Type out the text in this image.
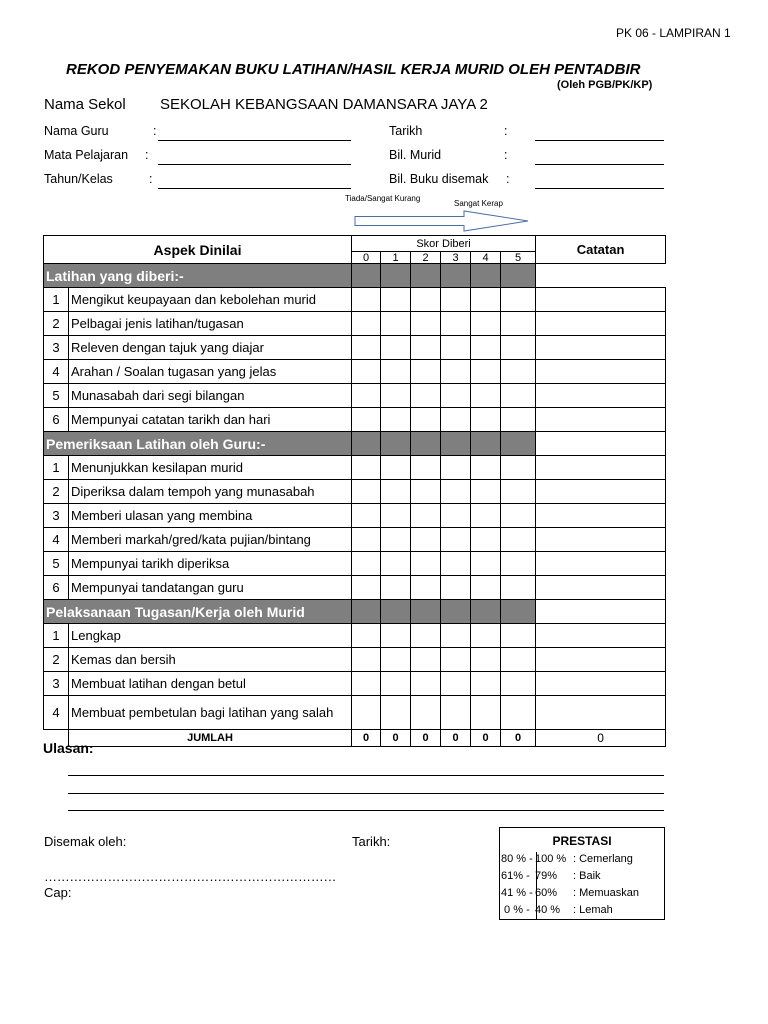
PK 06 - LAMPIRAN 1
REKOD PENYEMAKAN BUKU LATIHAN/HASIL KERJA MURID OLEH PENTADBIR
(Oleh PGB/PK/KP)
Nama Sekol SEKOLAH KEBANGSAAN DAMANSARA JAYA 2
Nama Guru	:
Mata Pelajaran :
Tahun/Kelas	:
Tarikh	:
Bil. Murid	:
Bil. Buku disemak :
Tiada/Sangat Kurang
Sangat Kerap
Aspek Dinilai		Skor Diberi						Catatan
		0	1	2	3	4	5	
Latihan yang diberi:-								
1	Mengikut keupayaan dan kebolehan murid							
2	Pelbagai jenis latihan/tugasan							
3	Releven dengan tajuk yang diajar							
4	Arahan / Soalan tugasan yang jelas							
5	Munasabah dari segi bilangan							
6	Mempunyai catatan tarikh dan hari							
Pemeriksaan Latihan oleh Guru:-								
1	Menunjukkan kesilapan murid							
2	Diperiksa dalam tempoh yang munasabah							
3	Memberi ulasan yang membina							
4	Memberi markah/gred/kata pujian/bintang							
5	Mempunyai tarikh diperiksa							
6	Mempunyai tandatangan guru							
Pelaksanaan Tugasan/Kerja oleh Murid								
1	Lengkap							
2	Kemas dan bersih							
3	Membuat latihan dengan betul							
4	Membuat pembetulan bagi latihan yang salah							
	JUMLAH	0	0	0	0	0	0	0
Ulasan:
Disemak oleh:	Tarikh:
……………………………………………………………
Cap:
PRESTASI
80 % - 100 % : Cemerlang
61% - 79% : Baik
41 % - 60% : Memuaskan
0 % - 40 % : Lemah
